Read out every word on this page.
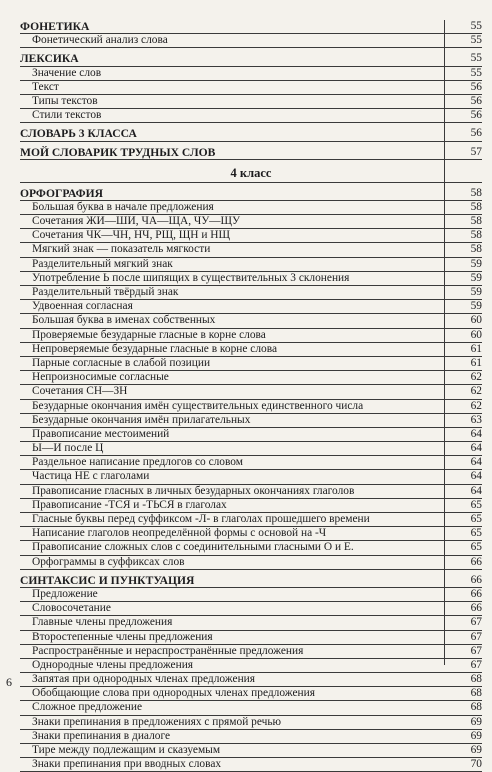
ФОНЕТИКА	55
Фонетический анализ слова	55
ЛЕКСИКА	55
Значение слов	55
Текст	56
Типы текстов	56
Стили текстов	56
СЛОВАРЬ 3 КЛАССА	56
МОЙ СЛОВАРИК ТРУДНЫХ СЛОВ	57
4 класс
ОРФОГРАФИЯ	58
Большая буква в начале предложения	58
Сочетания ЖИ—ШИ, ЧА—ЩА, ЧУ—ЩУ	58
Сочетания ЧК—ЧН, НЧ, РЩ, ЩН и НЩ	58
Мягкий знак — показатель мягкости	58
Разделительный мягкий знак	59
Употребление Ь после шипящих в существительных 3 склонения	59
Разделительный твёрдый знак	59
Удвоенная согласная	59
Большая буква в именах собственных	60
Проверяемые безударные гласные в корне слова	60
Непроверяемые безударные гласные в корне слова	61
Парные согласные в слабой позиции	61
Непроизносимые согласные	62
Сочетания СН—ЗН	62
Безударные окончания имён существительных единственного числа	62
Безударные окончания имён прилагательных	63
Правописание местоимений	64
Ы—И после Ц	64
Раздельное написание предлогов со словом	64
Частица НЕ с глаголами	64
Правописание гласных в личных безударных окончаниях глаголов	64
Правописание -ТСЯ и -ТЬСЯ в глаголах	65
Гласные буквы перед суффиксом -Л- в глаголах прошедшего времени	65
Написание глаголов неопределённой формы с основой на -Ч	65
Правописание сложных слов с соединительными гласными О и Е.	65
Орфограммы в суффиксах слов	66
СИНТАКСИС И ПУНКТУАЦИЯ	66
Предложение	66
Словосочетание	66
Главные члены предложения	67
Второстепенные члены предложения	67
Распространённые и нераспространённые предложения	67
Однородные члены предложения	67
Запятая при однородных членах предложения	68
Обобщающие слова при однородных членах предложения	68
Сложное предложение	68
Знаки препинания в предложениях с прямой речью	69
Знаки препинания в диалоге	69
Тире между подлежащим и сказуемым	69
Знаки препинания при вводных словах	70
6
